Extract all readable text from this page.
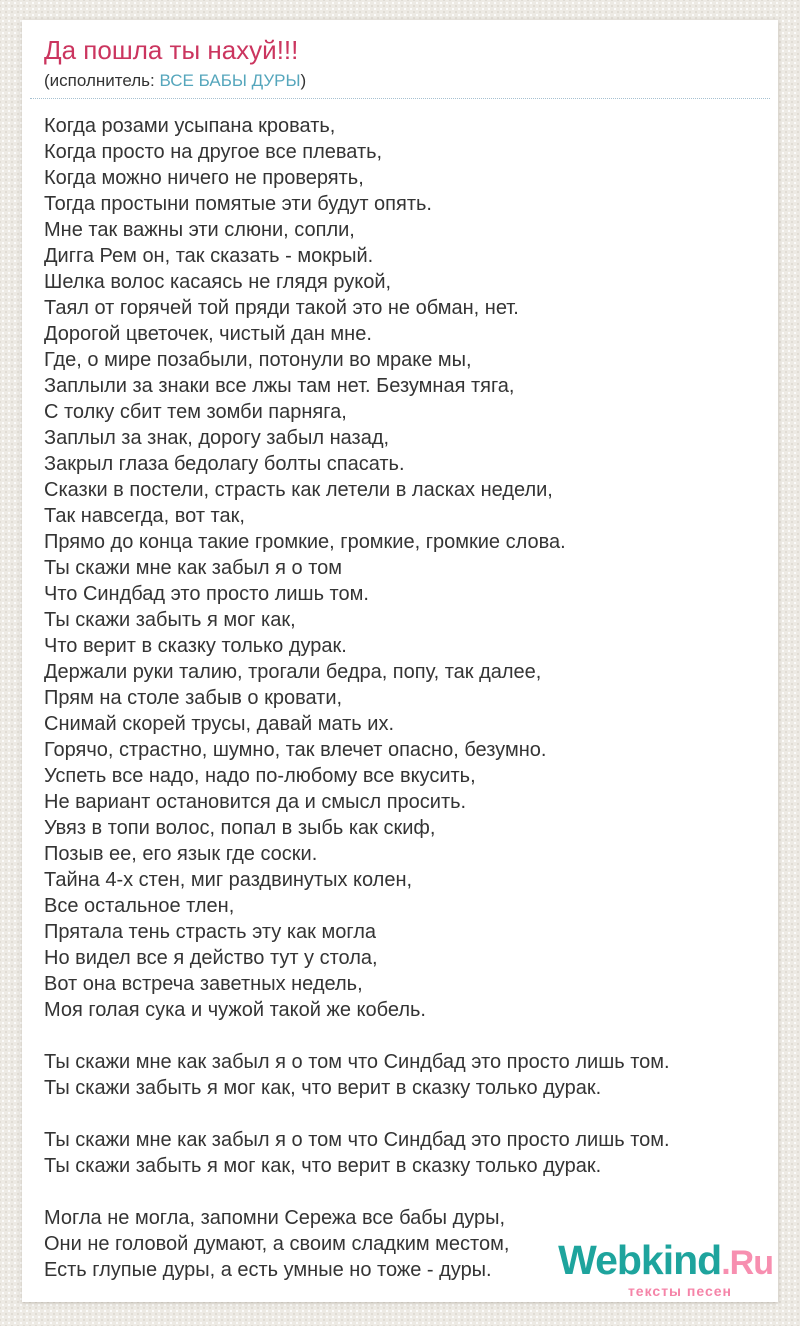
Да пошла ты нахуй!!!
(исполнитель: ВСЕ БАБЫ ДУРЫ)
Когда розами усыпана кровать,
Когда просто на другое все плевать,
Когда можно ничего не проверять,
Тогда простыни помятые эти будут опять.
Мне так важны эти слюни, сопли,
Дигга Рем он, так сказать - мокрый.
Шелка волос касаясь не глядя рукой,
Таял от горячей той пряди такой это не обман, нет.
Дорогой цветочек, чистый дан мне.
Где, о мире позабыли, потонули во мраке мы,
Заплыли за знаки все лжы там нет. Безумная тяга,
С толку сбит тем зомби парняга,
Заплыл за знак, дорогу забыл назад,
Закрыл глаза бедолагу болты спасать.
Сказки в постели, страсть как летели в ласках недели,
Так навсегда, вот так,
Прямо до конца такие громкие, громкие, громкие слова.
Ты скажи мне как забыл я о том
Что Синдбад это просто лишь том.
Ты скажи забыть я мог как,
Что верит в сказку только дурак.
Держали руки талию, трогали бедра, попу, так далее,
Прям на столе забыв о кровати,
Снимай скорей трусы, давай мать их.
Горячо, страстно, шумно, так влечет опасно, безумно.
Успеть все надо, надо по-любому все вкусить,
Не вариант остановится да и смысл просить.
Увяз в топи волос, попал в зыбь как скиф,
Позыв ее, его язык где соски.
Тайна 4-х стен, миг раздвинутых колен,
Все остальное тлен,
Прятала тень страсть эту как могла
Но видел все я действо тут у стола,
Вот она встреча заветных недель,
Моя голая сука и чужой такой же кобель.
Ты скажи мне как забыл я о том что Синдбад это просто лишь том.
Ты скажи забыть я мог как, что верит в сказку только дурак.
Ты скажи мне как забыл я о том что Синдбад это просто лишь том.
Ты скажи забыть я мог как, что верит в сказку только дурак.
Могла не могла, запомни Сережа все бабы дуры,
Они не головой думают, а своим сладким местом,
Есть глупые дуры, а есть умные но тоже - дуры.	Webkind.Ru
тексты песен
